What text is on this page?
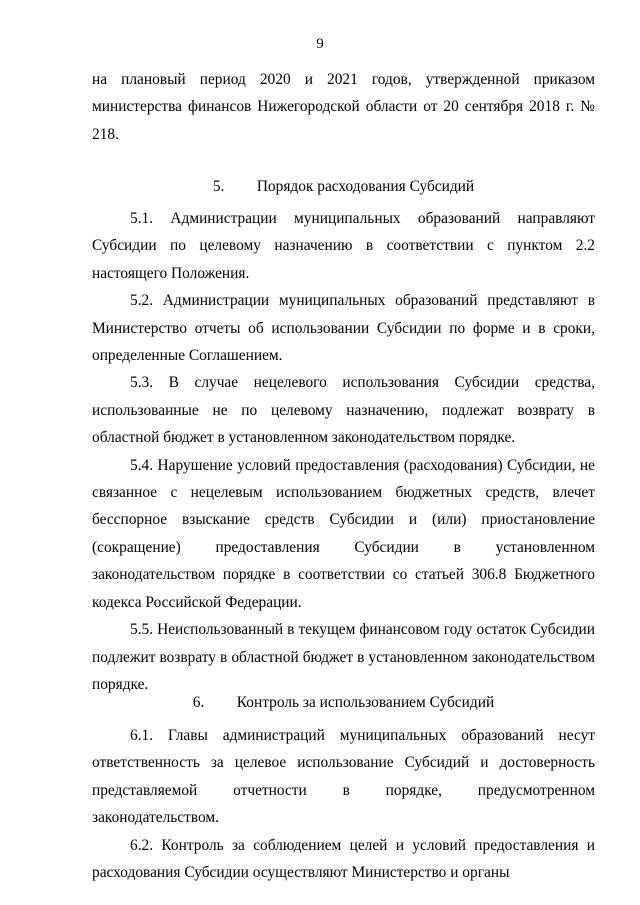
9

на плановый период 2020 и 2021 годов, утвержденной приказом министерства финансов Нижегородской области от 20 сентября 2018 г. № 218.

5. Порядок расходования Субсидий

5.1. Администрации муниципальных образований направляют Субсидии по целевому назначению в соответствии с пунктом 2.2 настоящего Положения.

5.2. Администрации муниципальных образований представляют в Министерство отчеты об использовании Субсидии по форме и в сроки, определенные Соглашением.

5.3. В случае нецелевого использования Субсидии средства, использованные не по целевому назначению, подлежат возврату в областной бюджет в установленном законодательством порядке.

5.4. Нарушение условий предоставления (расходования) Субсидии, не связанное с нецелевым использованием бюджетных средств, влечет бесспорное взыскание средств Субсидии и (или) приостановление (сокращение) предоставления Субсидии в установленном законодательством порядке в соответствии со статьей 306.8 Бюджетного кодекса Российской Федерации.

5.5. Неиспользованный в текущем финансовом году остаток Субсидии подлежит возврату в областной бюджет в установленном законодательством порядке.

6. Контроль за использованием Субсидий

6.1. Главы администраций муниципальных образований несут ответственность за целевое использование Субсидий и достоверность представляемой отчетности в порядке, предусмотренном законодательством.

6.2. Контроль за соблюдением целей и условий предоставления и расходования Субсидии осуществляют Министерство и органы
